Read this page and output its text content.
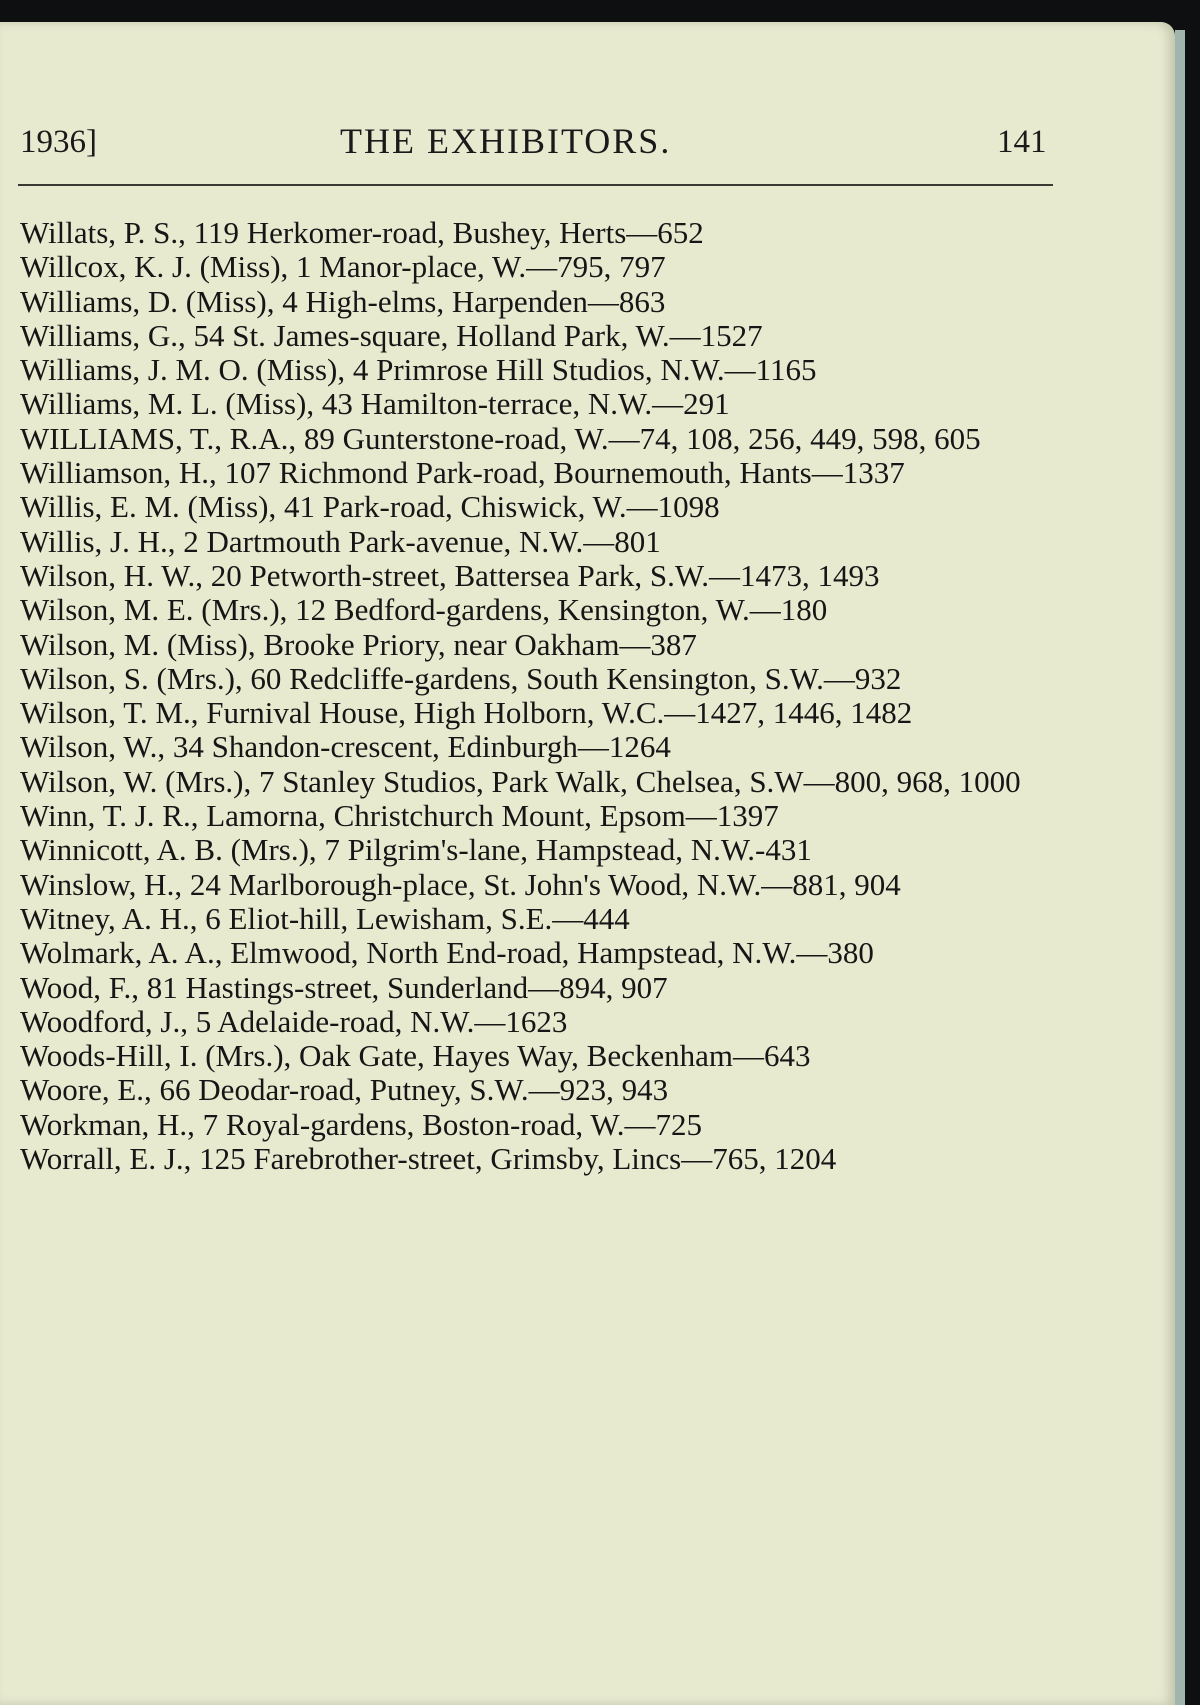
1936]	THE EXHIBITORS.	141
Willats, P. S., 119 Herkomer-road, Bushey, Herts—652
Willcox, K. J. (Miss), 1 Manor-place, W.—795, 797
Williams, D. (Miss), 4 High-elms, Harpenden—863
Williams, G., 54 St. James-square, Holland Park, W.—1527
Williams, J. M. O. (Miss), 4 Primrose Hill Studios, N.W.—1165
Williams, M. L. (Miss), 43 Hamilton-terrace, N.W.—291
WILLIAMS, T., R.A., 89 Gunterstone-road, W.—74, 108, 256, 449, 598, 605
Williamson, H., 107 Richmond Park-road, Bournemouth, Hants—1337
Willis, E. M. (Miss), 41 Park-road, Chiswick, W.—1098
Willis, J. H., 2 Dartmouth Park-avenue, N.W.—801
Wilson, H. W., 20 Petworth-street, Battersea Park, S.W.—1473, 1493
Wilson, M. E. (Mrs.), 12 Bedford-gardens, Kensington, W.—180
Wilson, M. (Miss), Brooke Priory, near Oakham—387
Wilson, S. (Mrs.), 60 Redcliffe-gardens, South Kensington, S.W.—932
Wilson, T. M., Furnival House, High Holborn, W.C.—1427, 1446, 1482
Wilson, W., 34 Shandon-crescent, Edinburgh—1264
Wilson, W. (Mrs.), 7 Stanley Studios, Park Walk, Chelsea, S.W—800, 968, 1000
Winn, T. J. R., Lamorna, Christchurch Mount, Epsom—1397
Winnicott, A. B. (Mrs.), 7 Pilgrim's-lane, Hampstead, N.W.-431
Winslow, H., 24 Marlborough-place, St. John's Wood, N.W.—881, 904
Witney, A. H., 6 Eliot-hill, Lewisham, S.E.—444
Wolmark, A. A., Elmwood, North End-road, Hampstead, N.W.—380
Wood, F., 81 Hastings-street, Sunderland—894, 907
Woodford, J., 5 Adelaide-road, N.W.—1623
Woods-Hill, I. (Mrs.), Oak Gate, Hayes Way, Beckenham—643
Woore, E., 66 Deodar-road, Putney, S.W.—923, 943
Workman, H., 7 Royal-gardens, Boston-road, W.—725
Worrall, E. J., 125 Farebrother-street, Grimsby, Lincs—765, 1204
